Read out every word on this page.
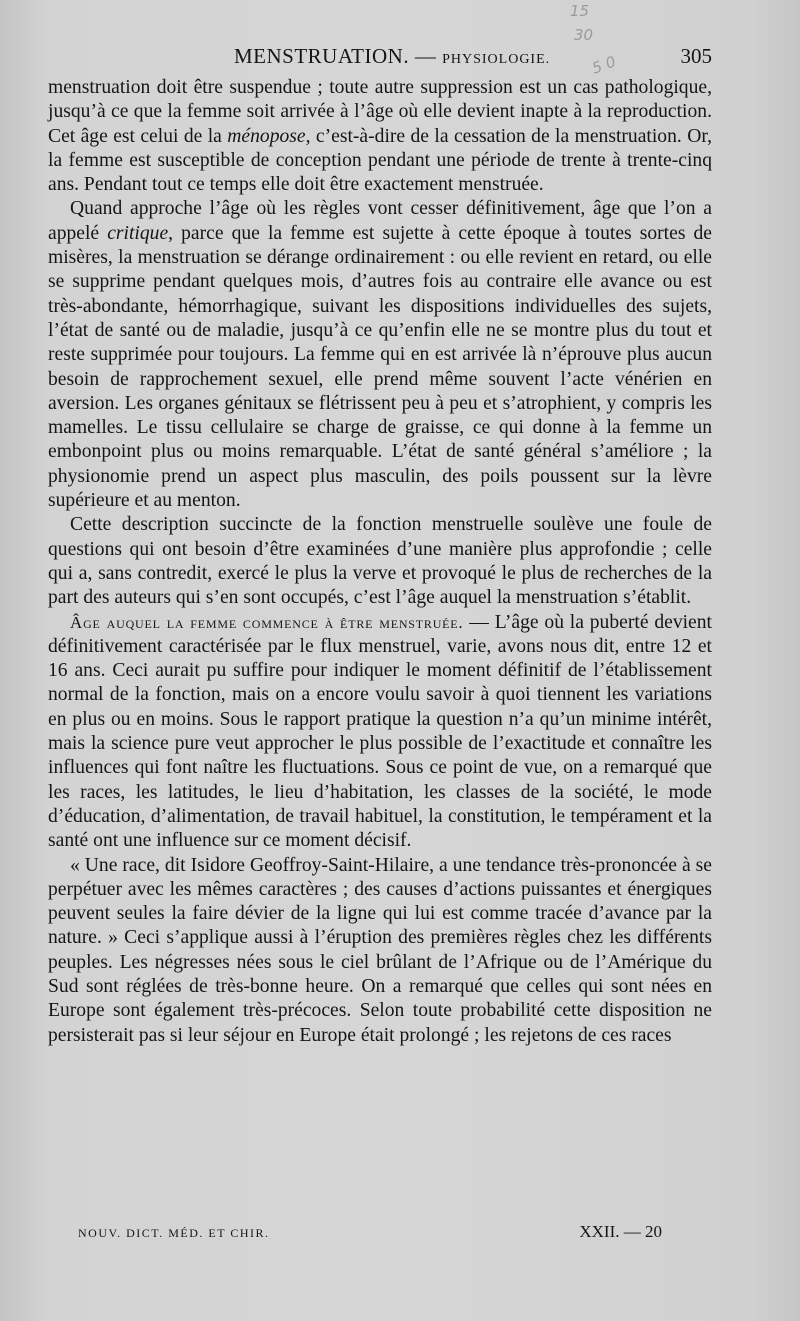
15
30
5 0
MENSTRUATION. — PHYSIOLOGIE.	305

menstruation doit être suspendue ; toute autre suppression est un cas pathologique, jusqu’à ce que la femme soit arrivée à l’âge où elle devient inapte à la reproduction. Cet âge est celui de la ménopose, c’est-à-dire de la cessation de la menstruation. Or, la femme est susceptible de conception pendant une période de trente à trente-cinq ans. Pendant tout ce temps elle doit être exactement menstruée.

Quand approche l’âge où les règles vont cesser définitivement, âge que l’on a appelé critique, parce que la femme est sujette à cette époque à toutes sortes de misères, la menstruation se dérange ordinairement : ou elle revient en retard, ou elle se supprime pendant quelques mois, d’autres fois au contraire elle avance ou est très-abondante, hémorrhagique, suivant les dispositions individuelles des sujets, l’état de santé ou de maladie, jusqu’à ce qu’enfin elle ne se montre plus du tout et reste supprimée pour toujours. La femme qui en est arrivée là n’éprouve plus aucun besoin de rapprochement sexuel, elle prend même souvent l’acte vénérien en aversion. Les organes génitaux se flétrissent peu à peu et s’atrophient, y compris les mamelles. Le tissu cellulaire se charge de graisse, ce qui donne à la femme un embonpoint plus ou moins remarquable. L’état de santé général s’améliore ; la physionomie prend un aspect plus masculin, des poils poussent sur la lèvre supérieure et au menton.

Cette description succincte de la fonction menstruelle soulève une foule de questions qui ont besoin d’être examinées d’une manière plus approfondie ; celle qui a, sans contredit, exercé le plus la verve et provoqué le plus de recherches de la part des auteurs qui s’en sont occupés, c’est l’âge auquel la menstruation s’établit.

Âge auquel la femme commence à être menstruée. — L’âge où la puberté devient définitivement caractérisée par le flux menstruel, varie, avons nous dit, entre 12 et 16 ans. Ceci aurait pu suffire pour indiquer le moment définitif de l’établissement normal de la fonction, mais on a encore voulu savoir à quoi tiennent les variations en plus ou en moins. Sous le rapport pratique la question n’a qu’un minime intérêt, mais la science pure veut approcher le plus possible de l’exactitude et connaître les influences qui font naître les fluctuations. Sous ce point de vue, on a remarqué que les races, les latitudes, le lieu d’habitation, les classes de la société, le mode d’éducation, d’alimentation, de travail habituel, la constitution, le tempérament et la santé ont une influence sur ce moment décisif.

« Une race, dit Isidore Geoffroy-Saint-Hilaire, a une tendance très-prononcée à se perpétuer avec les mêmes caractères ; des causes d’actions puissantes et énergiques peuvent seules la faire dévier de la ligne qui lui est comme tracée d’avance par la nature. » Ceci s’applique aussi à l’éruption des premières règles chez les différents peuples. Les négresses nées sous le ciel brûlant de l’Afrique ou de l’Amérique du Sud sont réglées de très-bonne heure. On a remarqué que celles qui sont nées en Europe sont également très-précoces. Selon toute probabilité cette disposition ne persisterait pas si leur séjour en Europe était prolongé ; les rejetons de ces races

NOUV. DICT. MÉD. ET CHIR.	XXII. — 20
